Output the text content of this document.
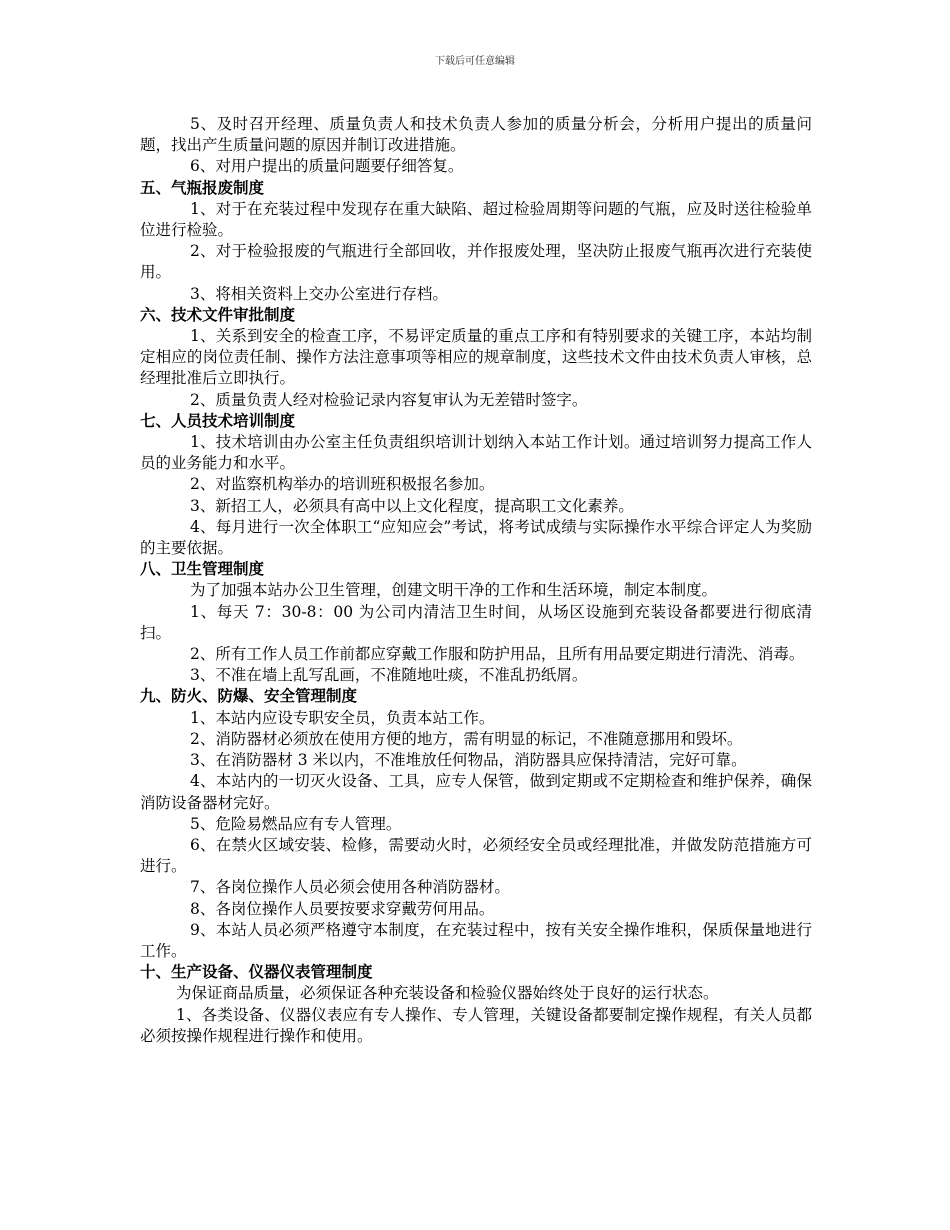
下载后可任意编辑
5、及时召开经理、质量负责人和技术负责人参加的质量分析会，分析用户提出的质量问题，找出产生质量问题的原因并制订改进措施。
6、对用户提出的质量问题要仔细答复。
五、气瓶报废制度
1、对于在充装过程中发现存在重大缺陷、超过检验周期等问题的气瓶，应及时送往检验单位进行检验。
2、对于检验报废的气瓶进行全部回收，并作报废处理，坚决防止报废气瓶再次进行充装使用。
3、将相关资料上交办公室进行存档。
六、技术文件审批制度
1、关系到安全的检查工序，不易评定质量的重点工序和有特别要求的关键工序，本站均制定相应的岗位责任制、操作方法注意事项等相应的规章制度，这些技术文件由技术负责人审核，总经理批准后立即执行。
2、质量负责人经对检验记录内容复审认为无差错时签字。
七、人员技术培训制度
1、技术培训由办公室主任负责组织培训计划纳入本站工作计划。通过培训努力提高工作人员的业务能力和水平。
2、对监察机构举办的培训班积极报名参加。
3、新招工人，必须具有高中以上文化程度，提高职工文化素养。
4、每月进行一次全体职工“应知应会”考试，将考试成绩与实际操作水平综合评定人为奖励的主要依据。
八、卫生管理制度
为了加强本站办公卫生管理，创建文明干净的工作和生活环境，制定本制度。
1、每天 7：30-8：00 为公司内清洁卫生时间，从场区设施到充装设备都要进行彻底清扫。
2、所有工作人员工作前都应穿戴工作服和防护用品，且所有用品要定期进行清洗、消毒。
3、不准在墙上乱写乱画，不准随地吐痰，不准乱扔纸屑。
九、防火、防爆、安全管理制度
1、本站内应设专职安全员，负责本站工作。
2、消防器材必须放在使用方便的地方，需有明显的标记，不准随意挪用和毁坏。
3、在消防器材 3 米以内，不准堆放任何物品，消防器具应保持清洁，完好可靠。
4、本站内的一切灭火设备、工具，应专人保管，做到定期或不定期检查和维护保养，确保消防设备器材完好。
5、危险易燃品应有专人管理。
6、在禁火区域安装、检修，需要动火时，必须经安全员或经理批准，并做发防范措施方可进行。
7、各岗位操作人员必须会使用各种消防器材。
8、各岗位操作人员要按要求穿戴劳何用品。
9、本站人员必须严格遵守本制度，在充装过程中，按有关安全操作堆积，保质保量地进行工作。
十、生产设备、仪器仪表管理制度
为保证商品质量，必须保证各种充装设备和检验仪器始终处于良好的运行状态。
1、各类设备、仪器仪表应有专人操作、专人管理，关键设备都要制定操作规程，有关人员都必须按操作规程进行操作和使用。
